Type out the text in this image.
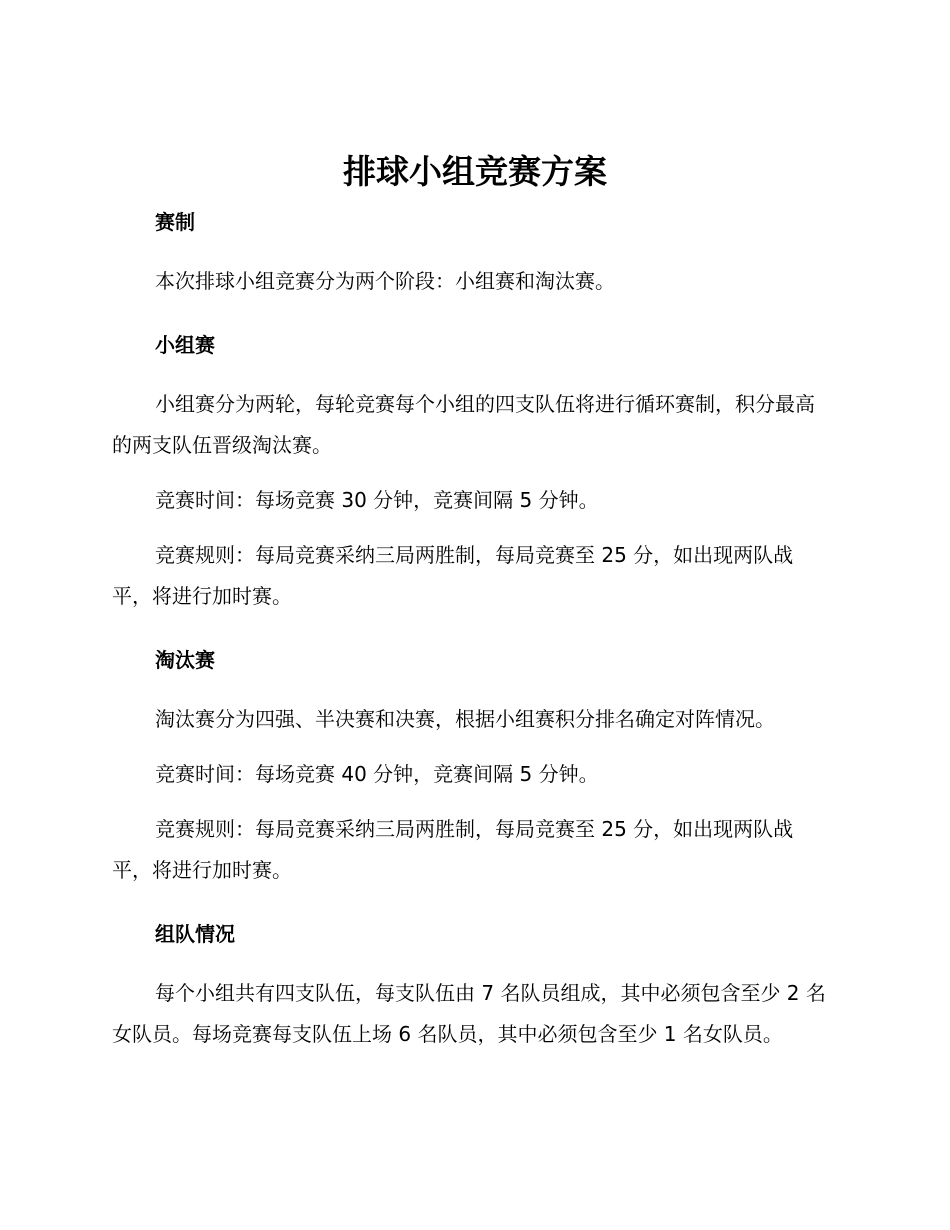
排球小组竞赛方案
赛制

本次排球小组竞赛分为两个阶段：小组赛和淘汰赛。

小组赛

小组赛分为两轮，每轮竞赛每个小组的四支队伍将进行循环赛制，积分最高的两支队伍晋级淘汰赛。

竞赛时间：每场竞赛 30 分钟，竞赛间隔 5 分钟。

竞赛规则：每局竞赛采纳三局两胜制，每局竞赛至 25 分，如出现两队战平，将进行加时赛。

淘汰赛

淘汰赛分为四强、半决赛和决赛，根据小组赛积分排名确定对阵情况。

竞赛时间：每场竞赛 40 分钟，竞赛间隔 5 分钟。

竞赛规则：每局竞赛采纳三局两胜制，每局竞赛至 25 分，如出现两队战平，将进行加时赛。

组队情况

每个小组共有四支队伍，每支队伍由 7 名队员组成，其中必须包含至少 2 名女队员。每场竞赛每支队伍上场 6 名队员，其中必须包含至少 1 名女队员。
